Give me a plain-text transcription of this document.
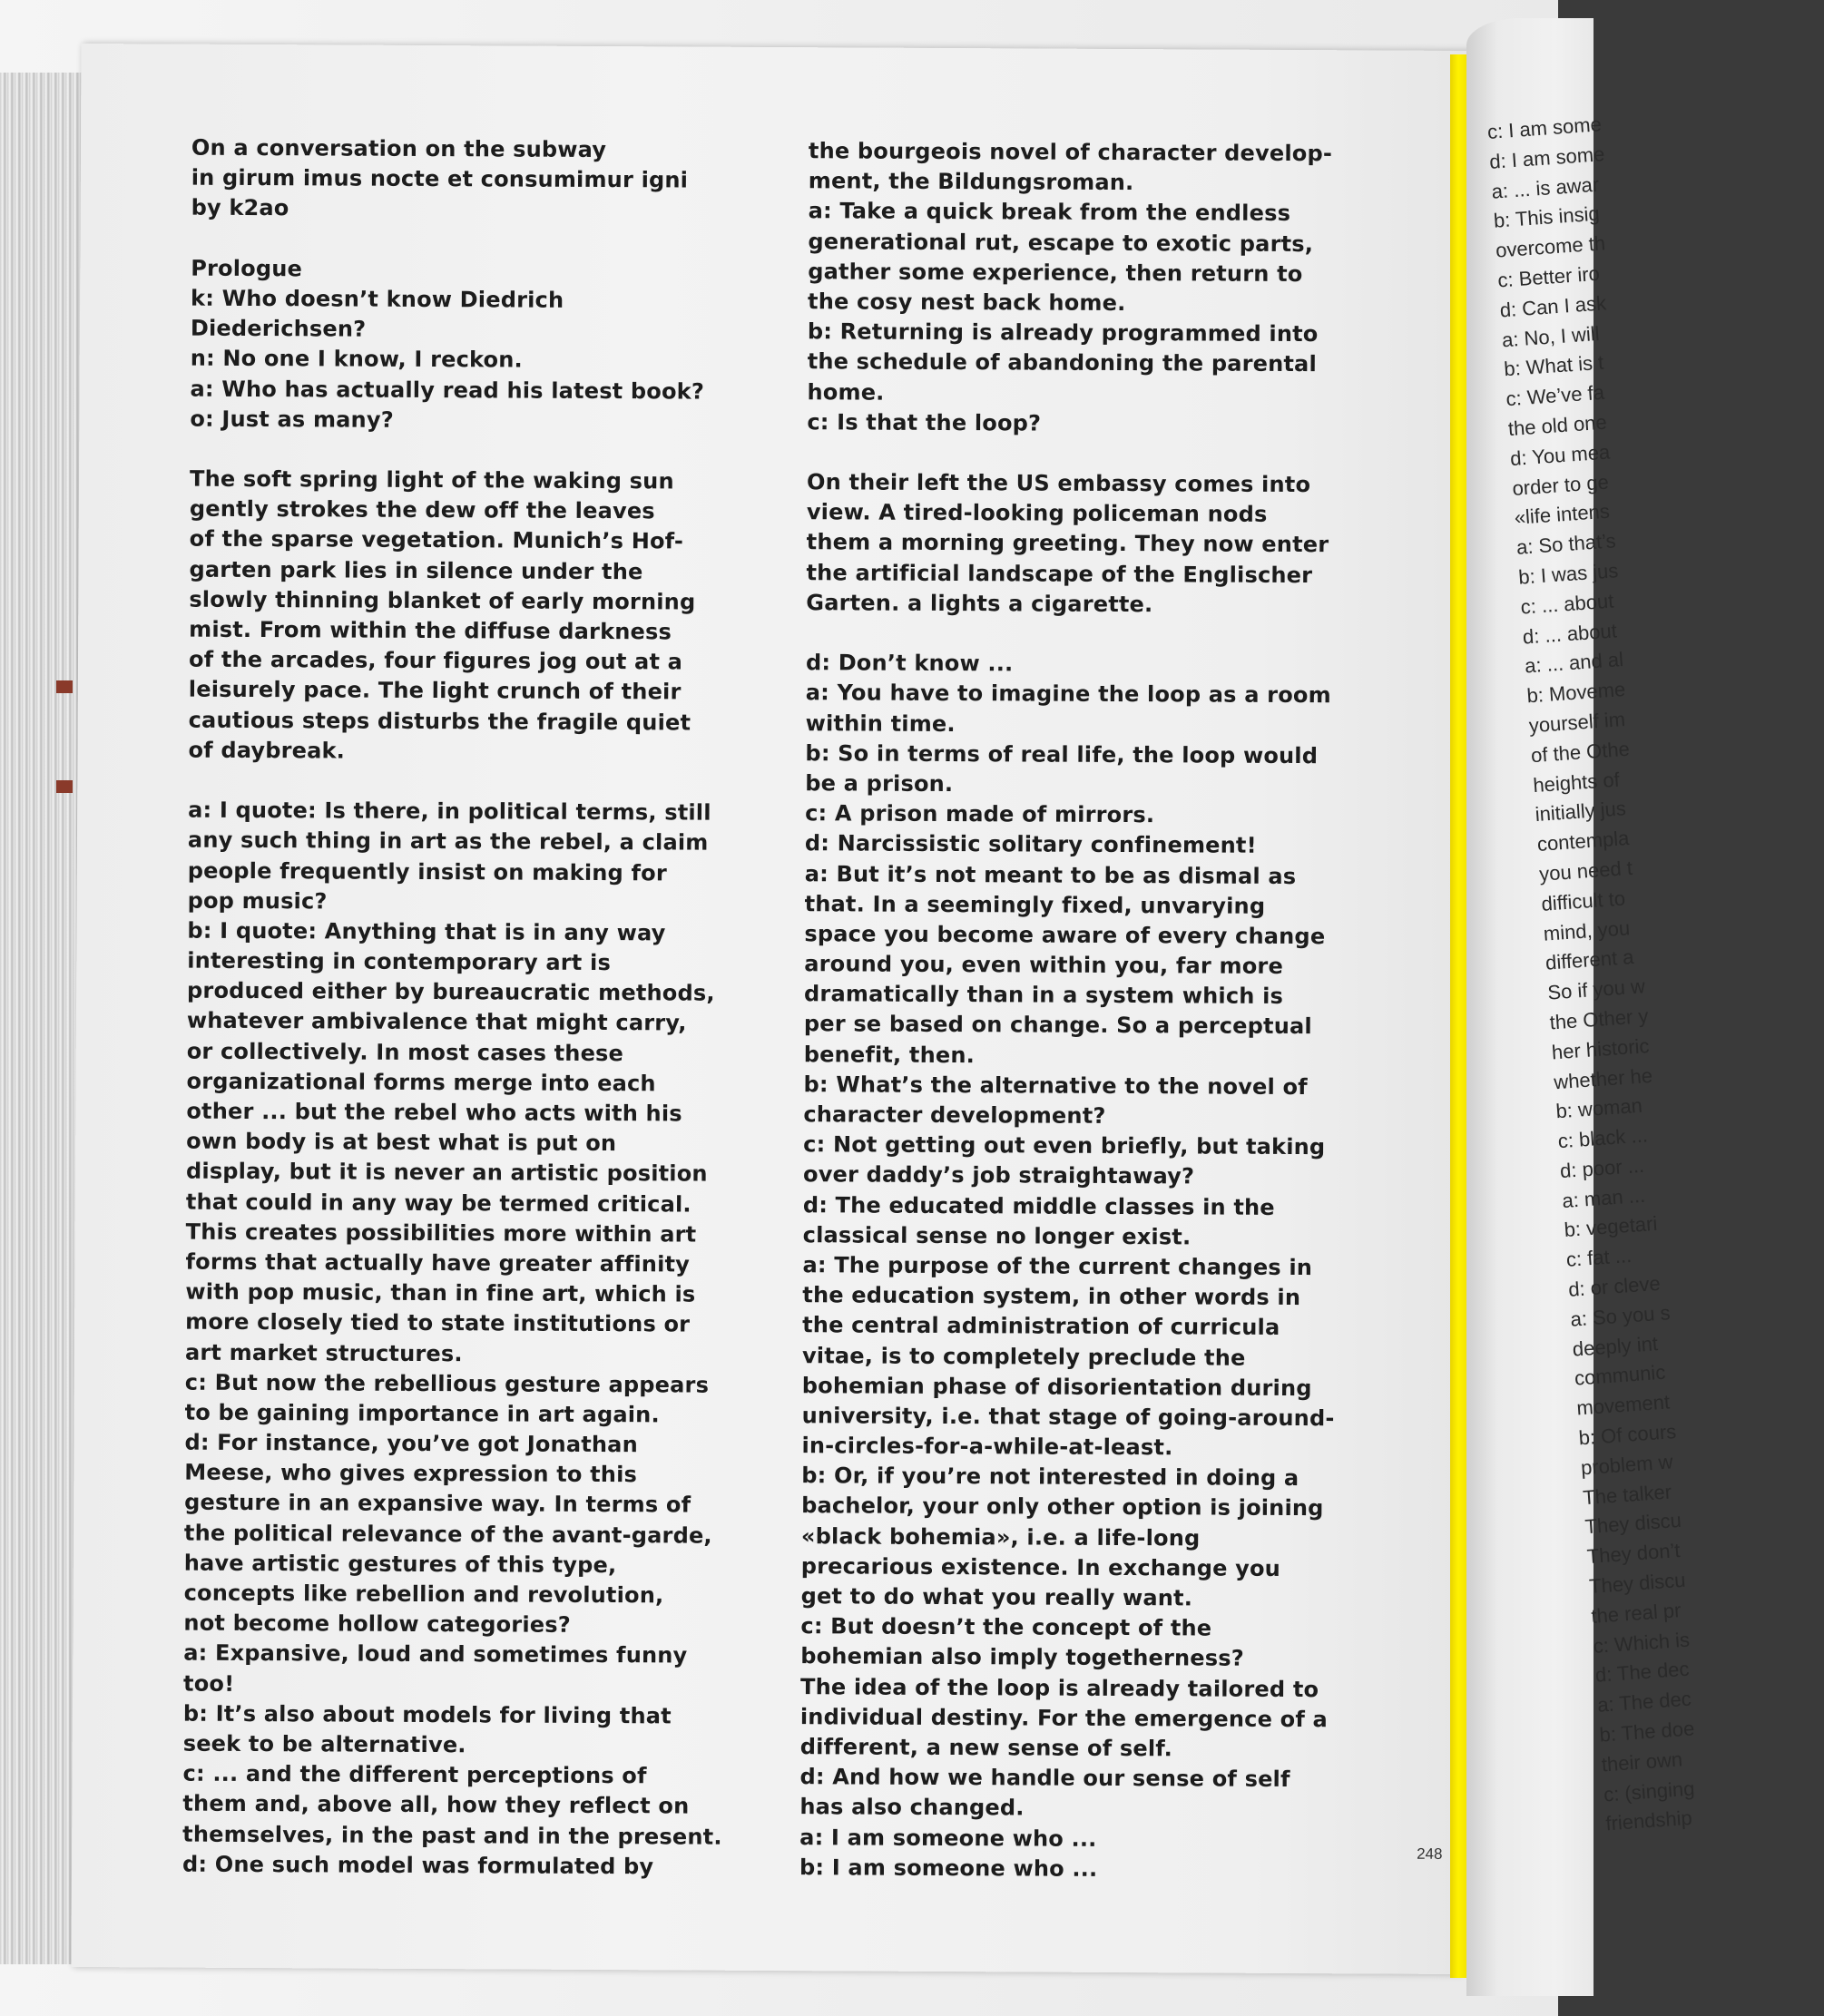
On a conversation on the subway
in girum imus nocte et consumimur igni
by k2ao
Prologue
k: Who doesn’t know Diedrich
Diederichsen?
n: No one I know, I reckon.
a: Who has actually read his latest book?
o: Just as many?
The soft spring light of the waking sun
gently strokes the dew off the leaves
of the sparse vegetation. Munich’s Hof-
garten park lies in silence under the
slowly thinning blanket of early morning
mist. From within the diffuse darkness
of the arcades, four figures jog out at a
leisurely pace. The light crunch of their
cautious steps disturbs the fragile quiet
of daybreak.
a: I quote: Is there, in political terms, still
any such thing in art as the rebel, a claim
people frequently insist on making for
pop music?
b: I quote: Anything that is in any way
interesting in contemporary art is
produced either by bureaucratic methods,
whatever ambivalence that might carry,
or collectively. In most cases these
organizational forms merge into each
other ... but the rebel who acts with his
own body is at best what is put on
display, but it is never an artistic position
that could in any way be termed critical.
This creates possibilities more within art
forms that actually have greater affinity
with pop music, than in fine art, which is
more closely tied to state institutions or
art market structures.
c: But now the rebellious gesture appears
to be gaining importance in art again.
d: For instance, you’ve got Jonathan
Meese, who gives expression to this
gesture in an expansive way. In terms of
the political relevance of the avant-garde,
have artistic gestures of this type,
concepts like rebellion and revolution,
not become hollow categories?
a: Expansive, loud and sometimes funny
too!
b: It’s also about models for living that
seek to be alternative.
c: ... and the different perceptions of
them and, above all, how they reflect on
themselves, in the past and in the present.
d: One such model was formulated by
the bourgeois novel of character develop-
ment, the Bildungsroman.
a: Take a quick break from the endless
generational rut, escape to exotic parts,
gather some experience, then return to
the cosy nest back home.
b: Returning is already programmed into
the schedule of abandoning the parental
home.
c: Is that the loop?
On their left the US embassy comes into
view. A tired-looking policeman nods
them a morning greeting. They now enter
the artificial landscape of the Englischer
Garten. a lights a cigarette.
d: Don’t know ...
a: You have to imagine the loop as a room
within time.
b: So in terms of real life, the loop would
be a prison.
c: A prison made of mirrors.
d: Narcissistic solitary confinement!
a: But it’s not meant to be as dismal as
that. In a seemingly fixed, unvarying
space you become aware of every change
around you, even within you, far more
dramatically than in a system which is
per se based on change. So a perceptual
benefit, then.
b: What’s the alternative to the novel of
character development?
c: Not getting out even briefly, but taking
over daddy’s job straightaway?
d: The educated middle classes in the
classical sense no longer exist.
a: The purpose of the current changes in
the education system, in other words in
the central administration of curricula
vitae, is to completely preclude the
bohemian phase of disorientation during
university, i.e. that stage of going-around-
in-circles-for-a-while-at-least.
b: Or, if you’re not interested in doing a
bachelor, your only other option is joining
«black bohemia», i.e. a life-long
precarious existence. In exchange you
get to do what you really want.
c: But doesn’t the concept of the
bohemian also imply togetherness?
The idea of the loop is already tailored to
individual destiny. For the emergence of a
different, a new sense of self.
d: And how we handle our sense of self
has also changed.
a: I am someone who ...
b: I am someone who ...
248
c: I am some
d: I am some
a: ... is awar
b: This insig
overcome th
c: Better iro
d: Can I ask
a: No, I will
b: What is t
c: We’ve fa
the old one
d: You mea
order to ge
«life intens
a: So that’s
b: I was jus
c: ... about
d: ... about
a: ... and al
b: Moveme
yourself im
of the Othe
heights of
initially jus
contempla
you need t
difficult to
mind, you
different a
So if you w
the Other y
her historic
whether he
b: woman
c: black ...
d: poor ...
a: man ...
b: vegetari
c: fat ...
d: or cleve
a: So you s
deeply int
communic
movement
b: Of cours
problem w
The talker
They discu
They don’t
They discu
the real pr
c: Which is
d: The dec
a: The dec
b: The doe
their own
c: (singing
friendship
